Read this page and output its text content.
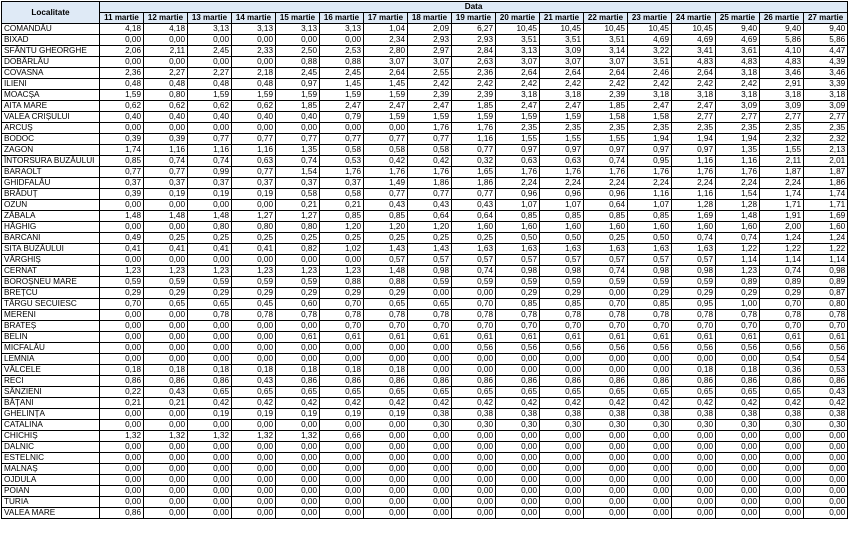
Localitate	Data																
	11 martie	12 martie	13 martie	14 martie	15 martie	16 martie	17 martie	18 martie	19 martie	20 martie	21 martie	22 martie	23 martie	24 martie	25 martie	26 martie	27 martie
COMANDĂU	4,18	4,18	3,13	3,13	3,13	3,13	1,04	2,09	6,27	10,45	10,45	10,45	10,45	10,45	9,40	9,40	9,40
BIXAD	0,00	0,00	0,00	0,00	0,00	0,00	2,34	2,93	2,93	3,51	3,51	3,51	4,69	4,69	4,69	5,86	5,86
SFÂNTU GHEORGHE	2,06	2,11	2,45	2,33	2,50	2,53	2,80	2,97	2,84	3,13	3,09	3,14	3,22	3,41	3,61	4,10	4,47
DOBÂRLĂU	0,00	0,00	0,00	0,00	0,88	0,88	3,07	3,07	2,63	3,07	3,07	3,07	3,51	4,83	4,83	4,83	4,39
COVASNA	2,36	2,27	2,27	2,18	2,45	2,45	2,64	2,55	2,36	2,64	2,64	2,64	2,46	2,64	3,18	3,46	3,46
ILIENI	0,48	0,48	0,48	0,48	0,97	1,45	1,45	2,42	2,42	2,42	2,42	2,42	2,42	2,42	2,42	2,91	3,39
MOACȘA	1,59	0,80	1,59	1,59	1,59	1,59	1,59	2,39	2,39	3,18	3,18	2,39	3,18	3,18	3,18	3,18	3,18
AITA MARE	0,62	0,62	0,62	0,62	1,85	2,47	2,47	2,47	1,85	2,47	2,47	1,85	2,47	2,47	3,09	3,09	3,09
VALEA CRIȘULUI	0,40	0,40	0,40	0,40	0,40	0,79	1,59	1,59	1,59	1,59	1,59	1,58	1,58	2,77	2,77	2,77	2,77
ARCUȘ	0,00	0,00	0,00	0,00	0,00	0,00	0,00	1,76	1,76	2,35	2,35	2,35	2,35	2,35	2,35	2,35	2,35
BODOC	0,39	0,39	0,77	0,77	0,77	0,77	0,77	0,77	1,16	1,55	1,55	1,55	1,94	1,94	1,94	2,32	2,32
ZAGON	1,74	1,16	1,16	1,16	1,35	0,58	0,58	0,58	0,77	0,97	0,97	0,97	0,97	0,97	1,35	1,55	2,13
ÎNTORSURA BUZĂULUI	0,85	0,74	0,74	0,63	0,74	0,53	0,42	0,42	0,32	0,63	0,63	0,74	0,95	1,16	1,16	2,11	2,01
BARAOLT	0,77	0,77	0,99	0,77	1,54	1,76	1,76	1,76	1,65	1,76	1,76	1,76	1,76	1,76	1,76	1,87	1,87
GHIDFALĂU	0,37	0,37	0,37	0,37	0,37	0,37	1,49	1,86	1,86	2,24	2,24	2,24	2,24	2,24	2,24	2,24	1,86
BRĂDUȚ	0,39	0,19	0,19	0,19	0,58	0,58	0,77	0,77	0,77	0,96	0,96	0,96	1,16	1,16	1,54	1,74	1,74
OZUN	0,00	0,00	0,00	0,00	0,21	0,21	0,43	0,43	0,43	1,07	1,07	0,64	1,07	1,28	1,28	1,71	1,71
ZĂBALA	1,48	1,48	1,48	1,27	1,27	0,85	0,85	0,64	0,64	0,85	0,85	0,85	0,85	1,69	1,48	1,91	1,69
HĂGHIG	0,00	0,00	0,80	0,80	0,80	1,20	1,20	1,20	1,60	1,60	1,60	1,60	1,60	1,60	1,60	2,00	1,60
BARCANI	0,49	0,25	0,25	0,25	0,25	0,25	0,25	0,25	0,25	0,50	0,50	0,25	0,50	0,74	0,74	1,24	1,24
SITA BUZĂULUI	0,41	0,41	0,41	0,41	0,82	1,02	1,43	1,43	1,63	1,63	1,63	1,63	1,63	1,63	1,22	1,22	1,22
VÂRGHIȘ	0,00	0,00	0,00	0,00	0,00	0,00	0,57	0,57	0,57	0,57	0,57	0,57	0,57	0,57	1,14	1,14	1,14
CERNAT	1,23	1,23	1,23	1,23	1,23	1,23	1,48	0,98	0,74	0,98	0,98	0,74	0,98	0,98	1,23	0,74	0,98
BOROȘNEU MARE	0,59	0,59	0,59	0,59	0,59	0,88	0,88	0,59	0,59	0,59	0,59	0,59	0,59	0,59	0,89	0,89	0,89
BREȚCU	0,29	0,29	0,29	0,29	0,29	0,29	0,29	0,00	0,00	0,29	0,29	0,00	0,29	0,29	0,29	0,29	0,87
TÂRGU SECUIESC	0,70	0,65	0,65	0,45	0,60	0,70	0,65	0,65	0,70	0,85	0,85	0,70	0,85	0,95	1,00	0,70	0,80
MERENI	0,00	0,00	0,78	0,78	0,78	0,78	0,78	0,78	0,78	0,78	0,78	0,78	0,78	0,78	0,78	0,78	0,78
BRATEȘ	0,00	0,00	0,00	0,00	0,00	0,70	0,70	0,70	0,70	0,70	0,70	0,70	0,70	0,70	0,70	0,70	0,70
BELIN	0,00	0,00	0,00	0,00	0,61	0,61	0,61	0,61	0,61	0,61	0,61	0,61	0,61	0,61	0,61	0,61	0,61
MICFALĂU	0,00	0,00	0,00	0,00	0,00	0,00	0,00	0,00	0,56	0,56	0,56	0,56	0,56	0,56	0,56	0,56	0,56
LEMNIA	0,00	0,00	0,00	0,00	0,00	0,00	0,00	0,00	0,00	0,00	0,00	0,00	0,00	0,00	0,00	0,54	0,54
VÂLCELE	0,18	0,18	0,18	0,18	0,18	0,18	0,18	0,00	0,00	0,00	0,00	0,00	0,00	0,18	0,18	0,36	0,53
RECI	0,86	0,86	0,86	0,43	0,86	0,86	0,86	0,86	0,86	0,86	0,86	0,86	0,86	0,86	0,86	0,86	0,86
SÂNZIENI	0,22	0,43	0,65	0,65	0,65	0,65	0,65	0,65	0,65	0,65	0,65	0,65	0,65	0,65	0,65	0,65	0,43
BĂȚANI	0,21	0,21	0,42	0,42	0,42	0,42	0,42	0,42	0,42	0,42	0,42	0,42	0,42	0,42	0,42	0,42	0,42
GHELINȚA	0,00	0,00	0,19	0,19	0,19	0,19	0,19	0,38	0,38	0,38	0,38	0,38	0,38	0,38	0,38	0,38	0,38
CATALINA	0,00	0,00	0,00	0,00	0,00	0,00	0,00	0,30	0,30	0,30	0,30	0,30	0,30	0,30	0,30	0,30	0,30
CHICHIȘ	1,32	1,32	1,32	1,32	1,32	0,66	0,00	0,00	0,00	0,00	0,00	0,00	0,00	0,00	0,00	0,00	0,00
DALNIC	0,00	0,00	0,00	0,00	0,00	0,00	0,00	0,00	0,00	0,00	0,00	0,00	0,00	0,00	0,00	0,00	0,00
ESTELNIC	0,00	0,00	0,00	0,00	0,00	0,00	0,00	0,00	0,00	0,00	0,00	0,00	0,00	0,00	0,00	0,00	0,00
MALNAȘ	0,00	0,00	0,00	0,00	0,00	0,00	0,00	0,00	0,00	0,00	0,00	0,00	0,00	0,00	0,00	0,00	0,00
OJDULA	0,00	0,00	0,00	0,00	0,00	0,00	0,00	0,00	0,00	0,00	0,00	0,00	0,00	0,00	0,00	0,00	0,00
POIAN	0,00	0,00	0,00	0,00	0,00	0,00	0,00	0,00	0,00	0,00	0,00	0,00	0,00	0,00	0,00	0,00	0,00
TURIA	0,00	0,00	0,00	0,00	0,00	0,00	0,00	0,00	0,00	0,00	0,00	0,00	0,00	0,00	0,00	0,00	0,00
VALEA MARE	0,86	0,00	0,00	0,00	0,00	0,00	0,00	0,00	0,00	0,00	0,00	0,00	0,00	0,00	0,00	0,00	0,00
